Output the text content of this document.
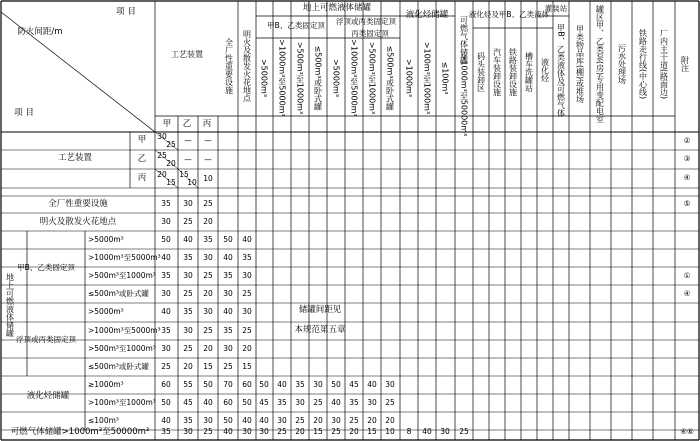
项 目
防火间距/m
项 目
工艺装置
甲 乙 丙
全厂性重要设施 明火及散发火花地点
地上可燃液体储罐
甲B、乙类固定顶 浮顶或丙类固定顶
丙类固定顶
>5000m³ >1000m³至5000m³ >500m³至1000m³ ≤500m³或卧式罐 >5000m³ >1000m³至5000m³ >500m³至1000m³ ≤500m³或卧式罐
液化烃储罐
>1000m³ >100m³至1000m³ ≤100m³
可燃气体储罐
>1000m³至50000m³
液化烃及甲B、乙类液体
码头装卸区 汽车装卸设施 铁路装卸设施 槽车洗罐站
灌装站
液化烃 甲B、乙类液体及可燃气体 甲类物品库(棚)或堆场 罐区甲、乙类泵(房)专用变配电室 污水处理场 铁路走行线(中心线) 厂内主干道(路面边) 附注
工艺装置
甲
乙
丙
全厂性重要设施
明火及散发火花地点
地上可燃液体储罐
甲B、乙类固定顶
浮顶或丙类固定顶
液化烃储罐
可燃气体储罐>1000m³至50000m³
>5000m³
>1000m³至5000m³
>500m³至1000m³
≤500m³或卧式罐
>5000m³
>1000m³至5000m³
>500m³至1000m³
≤500m³或卧式罐
≥1000m³
>100m³至1000m³
≤100m³
30
25
25
20
20
15
— —
— —
15
10 10
35 30 25
30 25 20
50 40 35 50 40
40 35 30 40 35
35 30 25 35 30
30 25 20 30 25
40 35 30 40 30
35 30 25 35 25
30 25 20 30 20
25 20 15 25 15
60 55 50 70 60 50 40 35 30 50 45 40 30
50 45 40 60 50 45 35 30 25 40 35 30 25
40 35 30 50 40 40 30 25 20 30 25 20 20
35 30 25 40 30 30 25 20 15 25 20 15 10 8 40 30 25
②
③
④
⑤
①
④
④⑥
储罐间距见
本规范第五章
